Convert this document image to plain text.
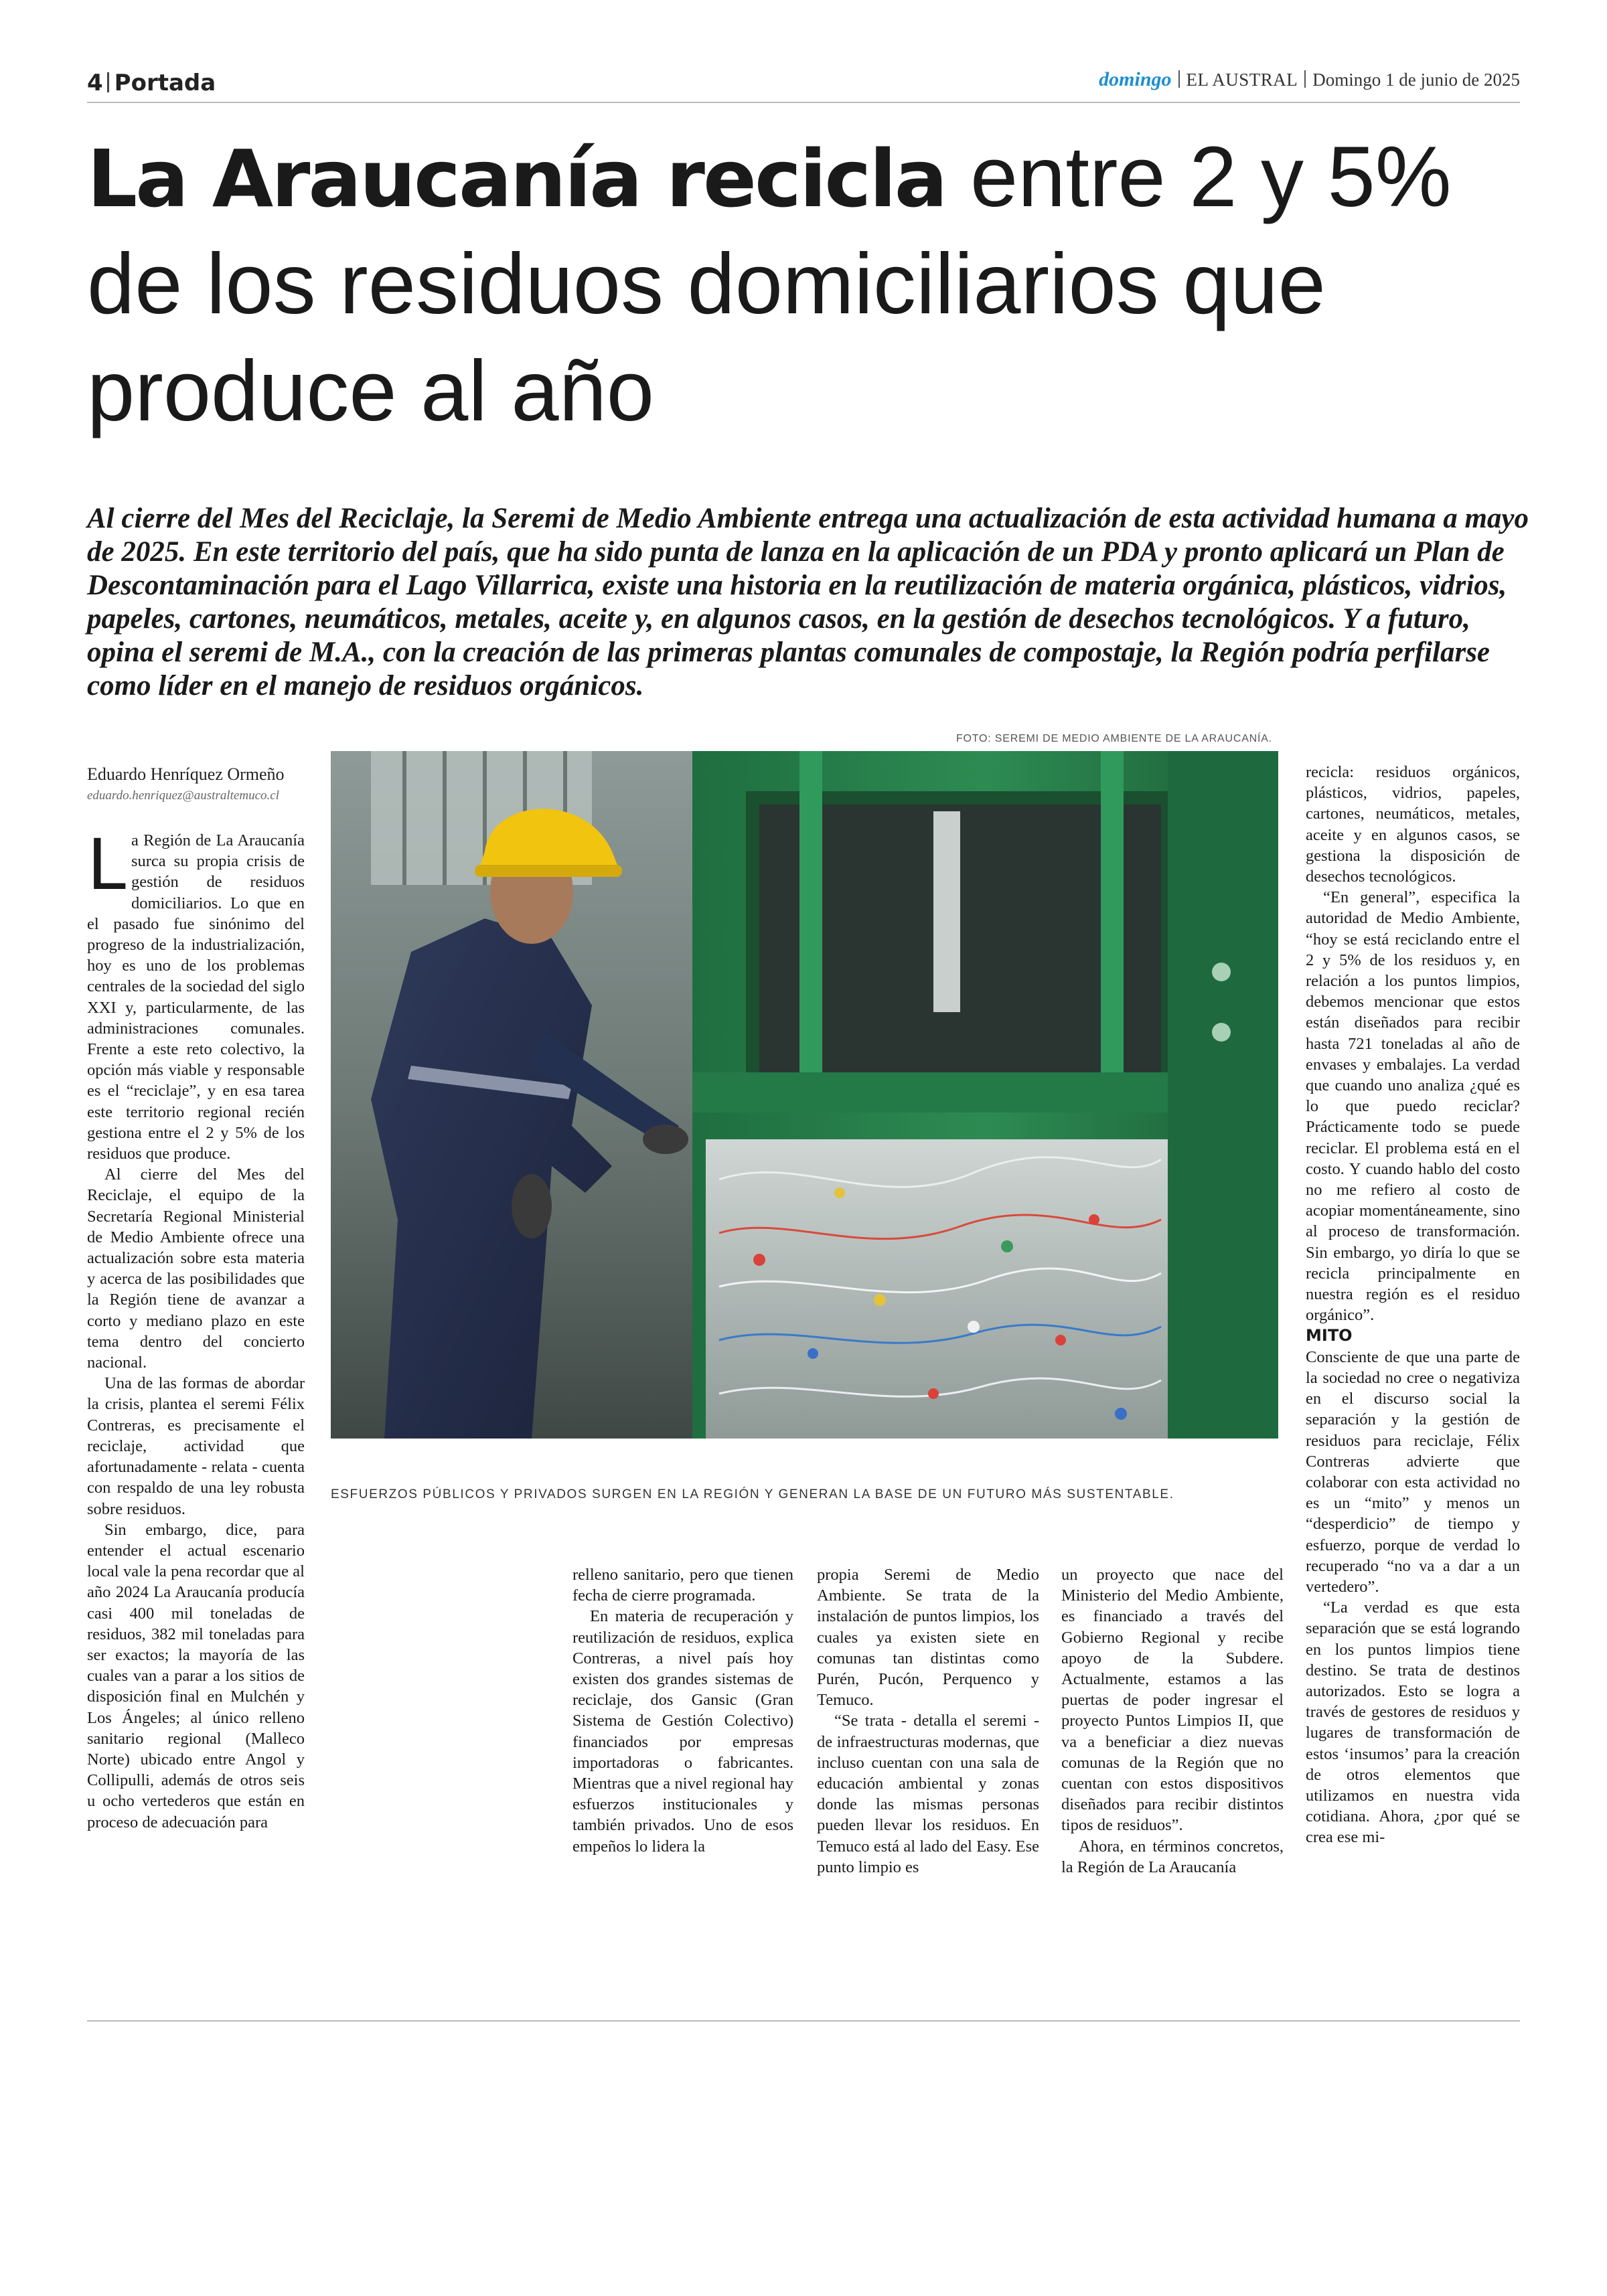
4 Portada	domingo EL AUSTRAL Domingo 1 de junio de 2025
La Araucanía recicla entre 2 y 5% de los residuos domiciliarios que produce al año
Al cierre del Mes del Reciclaje, la Seremi de Medio Ambiente entrega una actualización de esta actividad humana a mayo de 2025. En este territorio del país, que ha sido punta de lanza en la aplicación de un PDA y pronto aplicará un Plan de Descontaminación para el Lago Villarrica, existe una historia en la reutilización de materia orgánica, plásticos, vidrios, papeles, cartones, neumáticos, metales, aceite y, en algunos casos, en la gestión de desechos tecnológicos. Y a futuro, opina el seremi de M.A., con la creación de las primeras plantas comunales de compostaje, la Región podría perfilarse como líder en el manejo de residuos orgánicos.
FOTO: SEREMI DE MEDIO AMBIENTE DE LA ARAUCANÍA.
ESFUERZOS PÚBLICOS Y PRIVADOS SURGEN EN LA REGIÓN Y GENERAN LA BASE DE UN FUTURO MÁS SUSTENTABLE.
Eduardo Henríquez Ormeño
eduardo.henriquez@australtemuco.cl

La Región de La Araucanía surca su propia crisis de gestión de residuos domiciliarios. Lo que en el pasado fue sinónimo del progreso de la industrialización, hoy es uno de los problemas centrales de la sociedad del siglo XXI y, particularmente, de las administraciones comunales. Frente a este reto colectivo, la opción más viable y responsable es el “reciclaje”, y en esa tarea este territorio regional recién gestiona entre el 2 y 5% de los residuos que produce.

Al cierre del Mes del Reciclaje, el equipo de la Secretaría Regional Ministerial de Medio Ambiente ofrece una actualización sobre esta materia y acerca de las posibilidades que la Región tiene de avanzar a corto y mediano plazo en este tema dentro del concierto nacional.

Una de las formas de abordar la crisis, plantea el seremi Félix Contreras, es precisamente el reciclaje, actividad que afortunadamente - relata - cuenta con respaldo de una ley robusta sobre residuos.

Sin embargo, dice, para entender el actual escenario local vale la pena recordar que al año 2024 La Araucanía producía casi 400 mil toneladas de residuos, 382 mil toneladas para ser exactos; la mayoría de las cuales van a parar a los sitios de disposición final en Mulchén y Los Ángeles; al único relleno sanitario regional (Malleco Norte) ubicado entre Angol y Collipulli, además de otros seis u ocho vertederos que están en proceso de adecuación para

relleno sanitario, pero que tienen fecha de cierre programada.

En materia de recuperación y reutilización de residuos, explica Contreras, a nivel país hoy existen dos grandes sistemas de reciclaje, dos Gansic (Gran Sistema de Gestión Colectivo) financiados por empresas importadoras o fabricantes. Mientras que a nivel regional hay esfuerzos institucionales y también privados. Uno de esos empeños lo lidera la

propia Seremi de Medio Ambiente. Se trata de la instalación de puntos limpios, los cuales ya existen siete en comunas tan distintas como Purén, Pucón, Perquenco y Temuco.

“Se trata - detalla el seremi - de infraestructuras modernas, que incluso cuentan con una sala de educación ambiental y zonas donde las mismas personas pueden llevar los residuos. En Temuco está al lado del Easy. Ese punto limpio es

un proyecto que nace del Ministerio del Medio Ambiente, es financiado a través del Gobierno Regional y recibe apoyo de la Subdere. Actualmente, estamos a las puertas de poder ingresar el proyecto Puntos Limpios II, que va a beneficiar a diez nuevas comunas de la Región que no cuentan con estos dispositivos diseñados para recibir distintos tipos de residuos”.

Ahora, en términos concretos, la Región de La Araucanía

recicla: residuos orgánicos, plásticos, vidrios, papeles, cartones, neumáticos, metales, aceite y en algunos casos, se gestiona la disposición de desechos tecnológicos.

“En general”, especifica la autoridad de Medio Ambiente, “hoy se está reciclando entre el 2 y 5% de los residuos y, en relación a los puntos limpios, debemos mencionar que estos están diseñados para recibir hasta 721 toneladas al año de envases y embalajes. La verdad que cuando uno analiza ¿qué es lo que puedo reciclar? Prácticamente todo se puede reciclar. El problema está en el costo. Y cuando hablo del costo no me refiero al costo de acopiar momentáneamente, sino al proceso de transformación. Sin embargo, yo diría lo que se recicla principalmente en nuestra región es el residuo orgánico”.

MITO

Consciente de que una parte de la sociedad no cree o negativiza en el discurso social la separación y la gestión de residuos para reciclaje, Félix Contreras advierte que colaborar con esta actividad no es un “mito” y menos un “desperdicio” de tiempo y esfuerzo, porque de verdad lo recuperado “no va a dar a un vertedero”.

“La verdad es que esta separación que se está logrando en los puntos limpios tiene destino. Se trata de destinos autorizados. Esto se logra a través de gestores de residuos y lugares de transformación de estos ‘insumos’ para la creación de otros elementos que utilizamos en nuestra vida cotidiana. Ahora, ¿por qué se crea ese mi-
